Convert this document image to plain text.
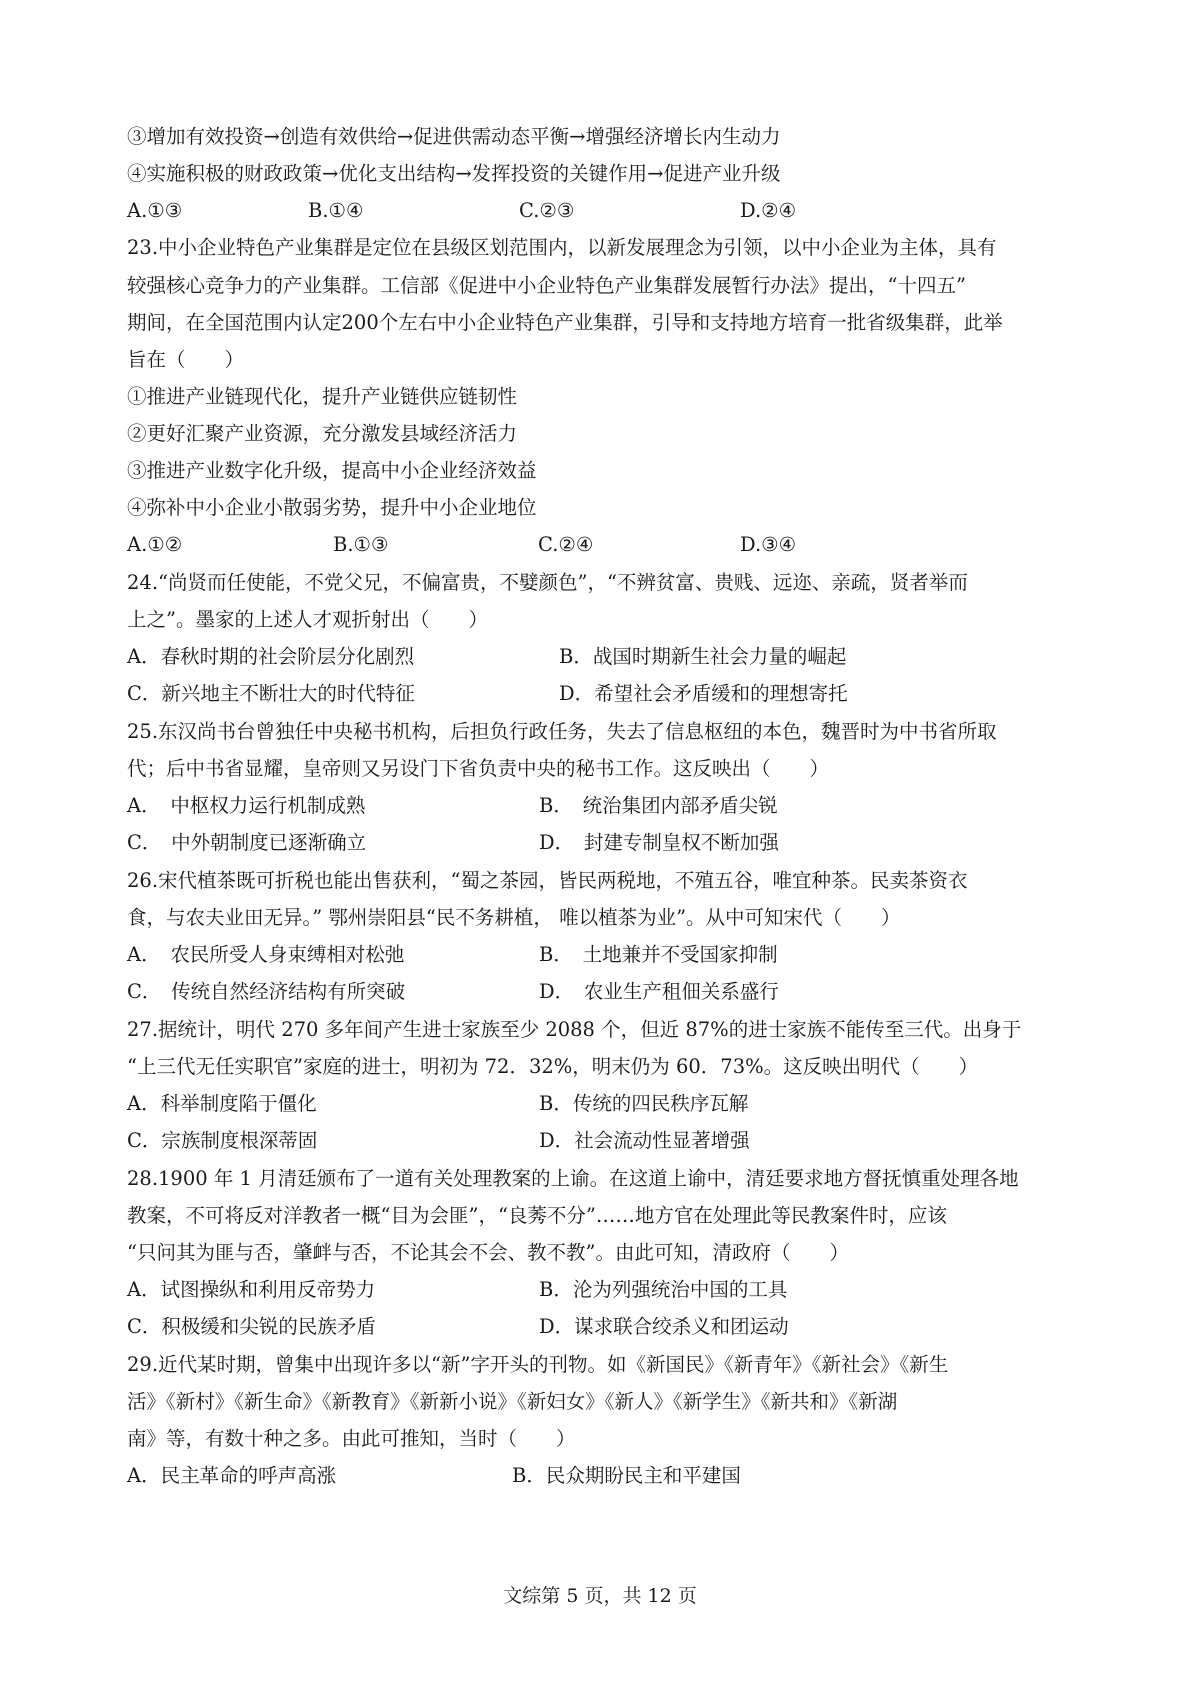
③增加有效投资→创造有效供给→促进供需动态平衡→增强经济增长内生动力

④实施积极的财政政策→优化支出结构→发挥投资的关键作用→促进产业升级

A.①③	B.①④	C.②③	D.②④

23.中小企业特色产业集群是定位在县级区划范围内，以新发展理念为引领，以中小企业为主体，具有

较强核心竞争力的产业集群。工信部《促进中小企业特色产业集群发展暂行办法》提出，“十四五”

期间，在全国范围内认定200个左右中小企业特色产业集群，引导和支持地方培育一批省级集群，此举

旨在（　　）

①推进产业链现代化，提升产业链供应链韧性

②更好汇聚产业资源，充分激发县域经济活力

③推进产业数字化升级，提高中小企业经济效益

④弥补中小企业小散弱劣势，提升中小企业地位

A.①②	B.①③	C.②④	D.③④

24.“尚贤而任使能，不党父兄，不偏富贵，不嬖颜色”，“不辨贫富、贵贱、远迩、亲疏，贤者举而

上之”。墨家的上述人才观折射出（　　）

A．春秋时期的社会阶层分化剧烈	B．战国时期新生社会力量的崛起

C．新兴地主不断壮大的时代特征	D．希望社会矛盾缓和的理想寄托

25.东汉尚书台曾独任中央秘书机构，后担负行政任务，失去了信息枢纽的本色，魏晋时为中书省所取

代；后中书省显耀，皇帝则又另设门下省负责中央的秘书工作。这反映出（　　）

A．　中枢权力运行机制成熟	B．　统治集团内部矛盾尖锐

C．　中外朝制度已逐渐确立	D．　封建专制皇权不断加强

26.宋代植茶既可折税也能出售获利，“蜀之茶园，皆民两税地，不殖五谷，唯宜种茶。民卖茶资衣

食，与农夫业田无异。” 鄂州崇阳县“民不务耕植， 唯以植茶为业”。从中可知宋代（　　）

A．　农民所受人身束缚相对松弛	B．　土地兼并不受国家抑制

C．　传统自然经济结构有所突破	D．　农业生产租佃关系盛行

27.据统计，明代 270 多年间产生进士家族至少 2088 个，但近 87%的进士家族不能传至三代。出身于

“上三代无任实职官”家庭的进士，明初为 72．32%，明末仍为 60．73%。这反映出明代（　　）

A．科举制度陷于僵化	B．传统的四民秩序瓦解

C．宗族制度根深蒂固	D．社会流动性显著增强

28.1900 年 1 月清廷颁布了一道有关处理教案的上谕。在这道上谕中，清廷要求地方督抚慎重处理各地

教案，不可将反对洋教者一概“目为会匪”，“良莠不分”……地方官在处理此等民教案件时，应该

“只问其为匪与否，肇衅与否，不论其会不会、教不教”。由此可知，清政府（　　）

A．试图操纵和利用反帝势力	B．沦为列强统治中国的工具

C．积极缓和尖锐的民族矛盾	D．谋求联合绞杀义和团运动

29.近代某时期，曾集中出现许多以“新”字开头的刊物。如《新国民》《新青年》《新社会》《新生

活》《新村》《新生命》《新教育》《新新小说》《新妇女》《新人》《新学生》《新共和》《新湖

南》等，有数十种之多。由此可推知，当时（　　）

A．民主革命的呼声高涨	B．民众期盼民主和平建国

文综第 5 页，共 12 页
